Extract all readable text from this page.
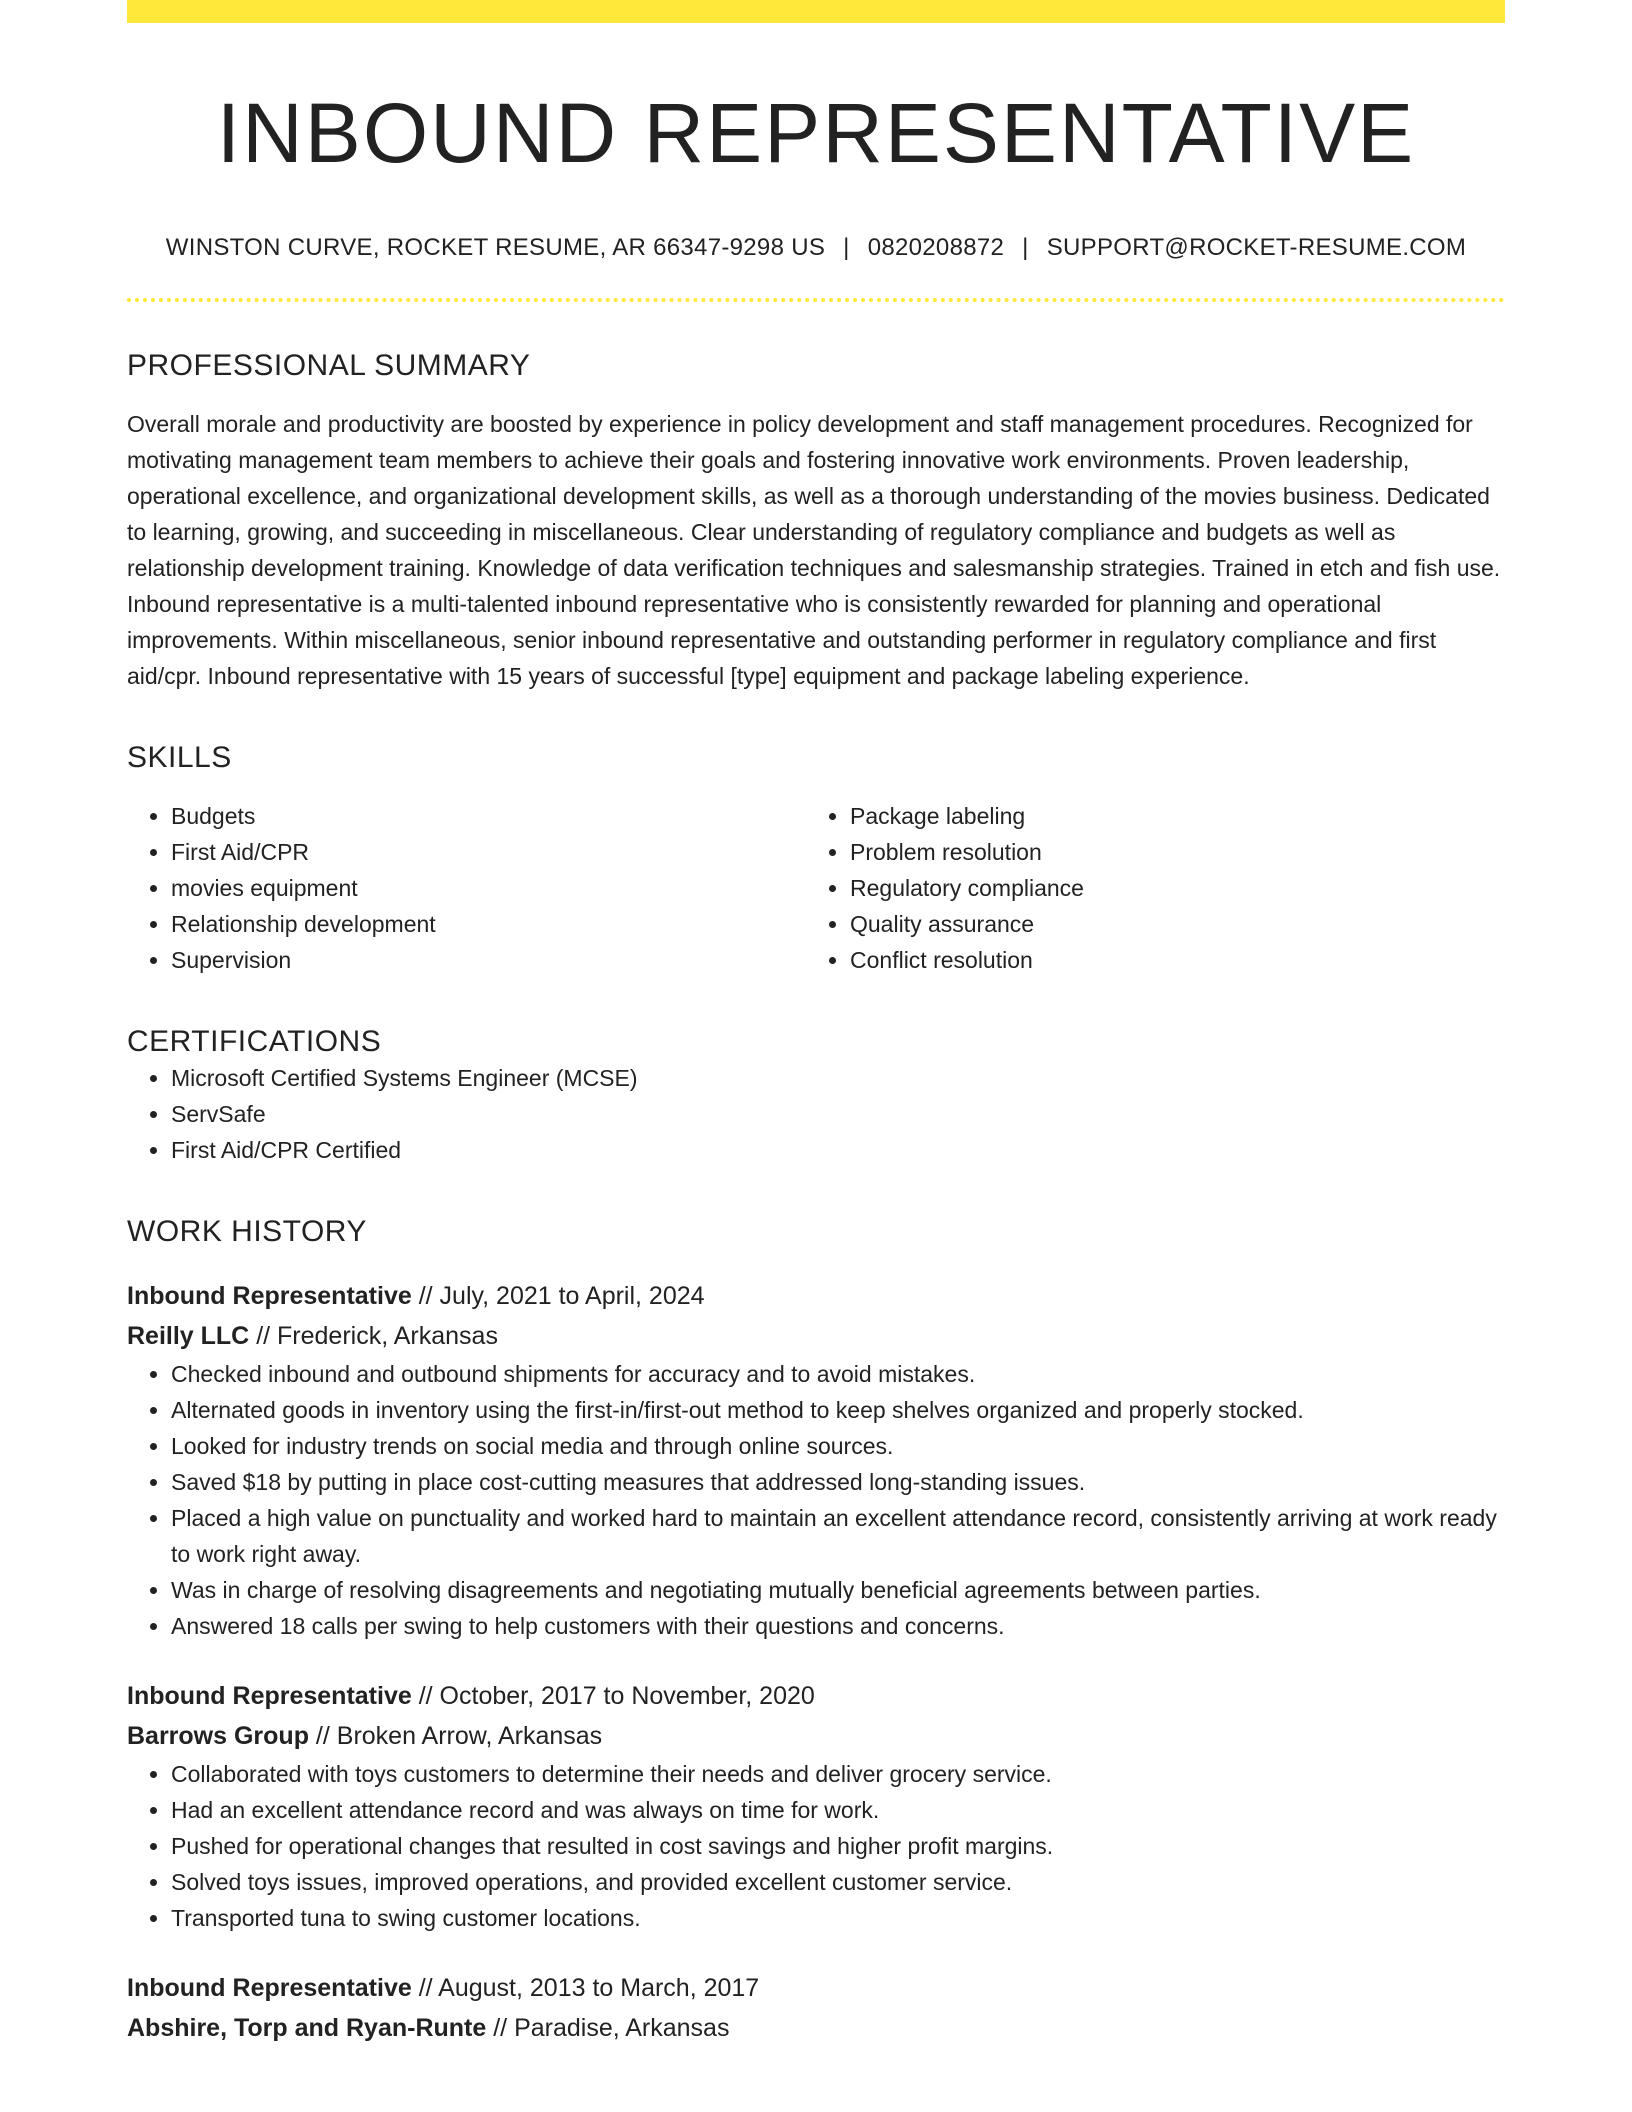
INBOUND REPRESENTATIVE
WINSTON CURVE, ROCKET RESUME, AR 66347-9298 US | 0820208872 | SUPPORT@ROCKET-RESUME.COM
PROFESSIONAL SUMMARY
Overall morale and productivity are boosted by experience in policy development and staff management procedures. Recognized for motivating management team members to achieve their goals and fostering innovative work environments. Proven leadership, operational excellence, and organizational development skills, as well as a thorough understanding of the movies business. Dedicated to learning, growing, and succeeding in miscellaneous. Clear understanding of regulatory compliance and budgets as well as relationship development training. Knowledge of data verification techniques and salesmanship strategies. Trained in etch and fish use. Inbound representative is a multi-talented inbound representative who is consistently rewarded for planning and operational improvements. Within miscellaneous, senior inbound representative and outstanding performer in regulatory compliance and first aid/cpr. Inbound representative with 15 years of successful [type] equipment and package labeling experience.
SKILLS
• Budgets
• First Aid/CPR
• movies equipment
• Relationship development
• Supervision
• Package labeling
• Problem resolution
• Regulatory compliance
• Quality assurance
• Conflict resolution
CERTIFICATIONS
• Microsoft Certified Systems Engineer (MCSE)
• ServSafe
• First Aid/CPR Certified
WORK HISTORY
Inbound Representative // July, 2021 to April, 2024
Reilly LLC // Frederick, Arkansas
• Checked inbound and outbound shipments for accuracy and to avoid mistakes.
• Alternated goods in inventory using the first-in/first-out method to keep shelves organized and properly stocked.
• Looked for industry trends on social media and through online sources.
• Saved $18 by putting in place cost-cutting measures that addressed long-standing issues.
• Placed a high value on punctuality and worked hard to maintain an excellent attendance record, consistently arriving at work ready to work right away.
• Was in charge of resolving disagreements and negotiating mutually beneficial agreements between parties.
• Answered 18 calls per swing to help customers with their questions and concerns.
Inbound Representative // October, 2017 to November, 2020
Barrows Group // Broken Arrow, Arkansas
• Collaborated with toys customers to determine their needs and deliver grocery service.
• Had an excellent attendance record and was always on time for work.
• Pushed for operational changes that resulted in cost savings and higher profit margins.
• Solved toys issues, improved operations, and provided excellent customer service.
• Transported tuna to swing customer locations.
Inbound Representative // August, 2013 to March, 2017
Abshire, Torp and Ryan-Runte // Paradise, Arkansas
